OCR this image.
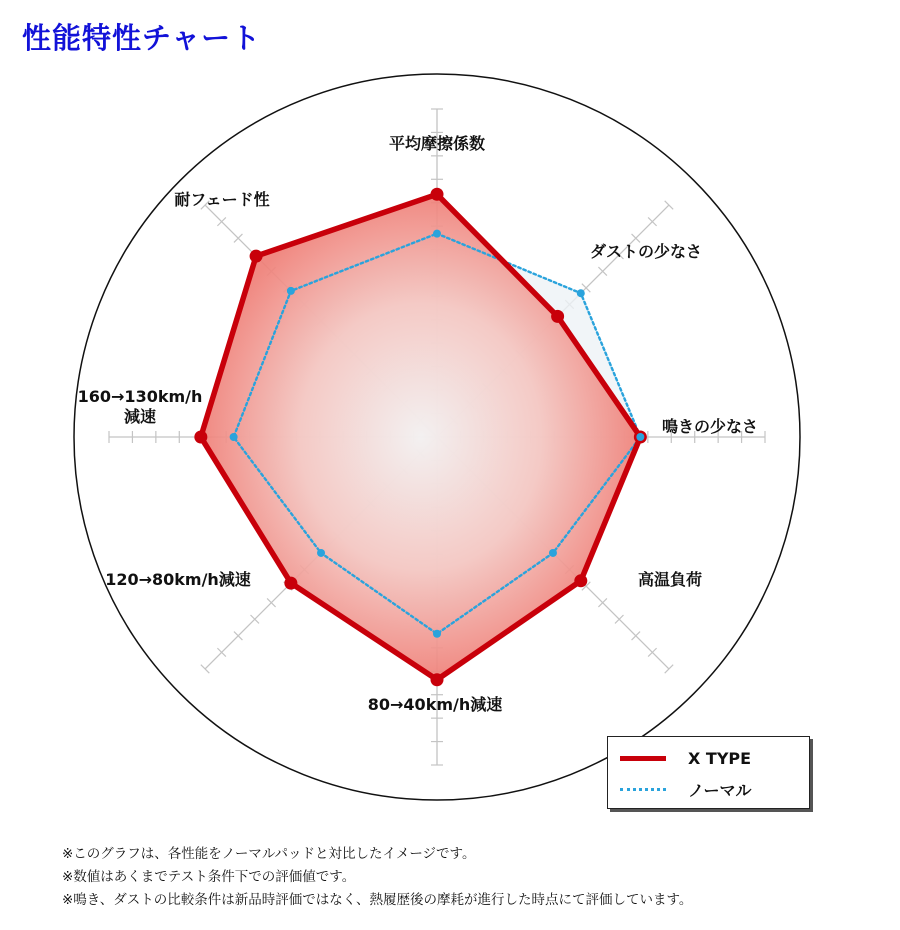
性能特性チャート
平均摩擦係数
ダストの少なさ
鳴きの少なさ
高温負荷
80→40km/h減速
120→80km/h減速
160→130km/h 減速
耐フェード性
X TYPE
ノーマル
※このグラフは、各性能をノーマルパッドと対比したイメージです。
※数値はあくまでテスト条件下での評価値です。
※鳴き、ダストの比較条件は新品時評価ではなく、熱履歴後の摩耗が進行した時点にて評価しています。
